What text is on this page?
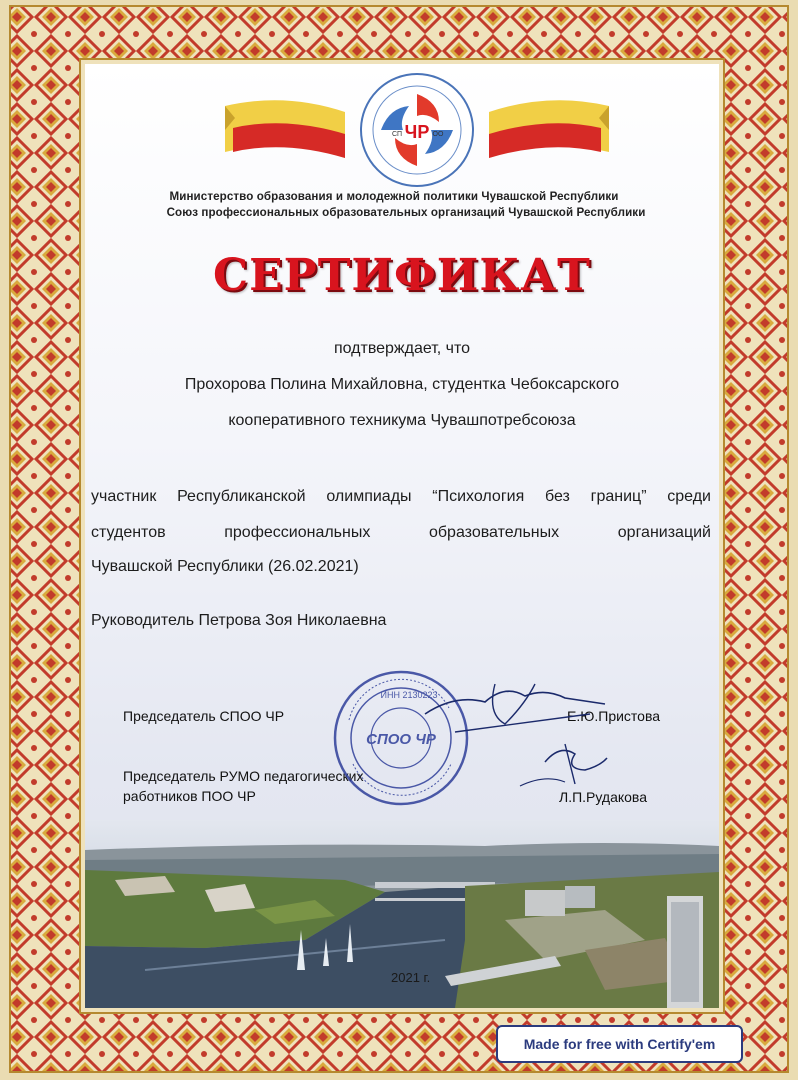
ЧР
СП	ОО
Министерство образования и молодежной политики Чувашской Республики
Союз профессиональных образовательных организаций Чувашской Республики
СЕРТИФИКАТ
подтверждает, что
Прохорова Полина Михайловна, студентка Чебоксарского
кооперативного техникума Чувашпотребсоюза
участник Республиканской олимпиады “Психология без границ” среди
студентов профессиональных образовательных организаций
Чувашской Республики (26.02.2021)
Руководитель Петрова Зоя Николаевна
Председатель СПОО ЧР	Е.Ю.Пристова
Председатель РУМО педагогических
работников ПОО ЧР	Л.П.Рудакова
СПОО ЧР
ИНН 2130223
2021 г.
Made for free with Certify'em
